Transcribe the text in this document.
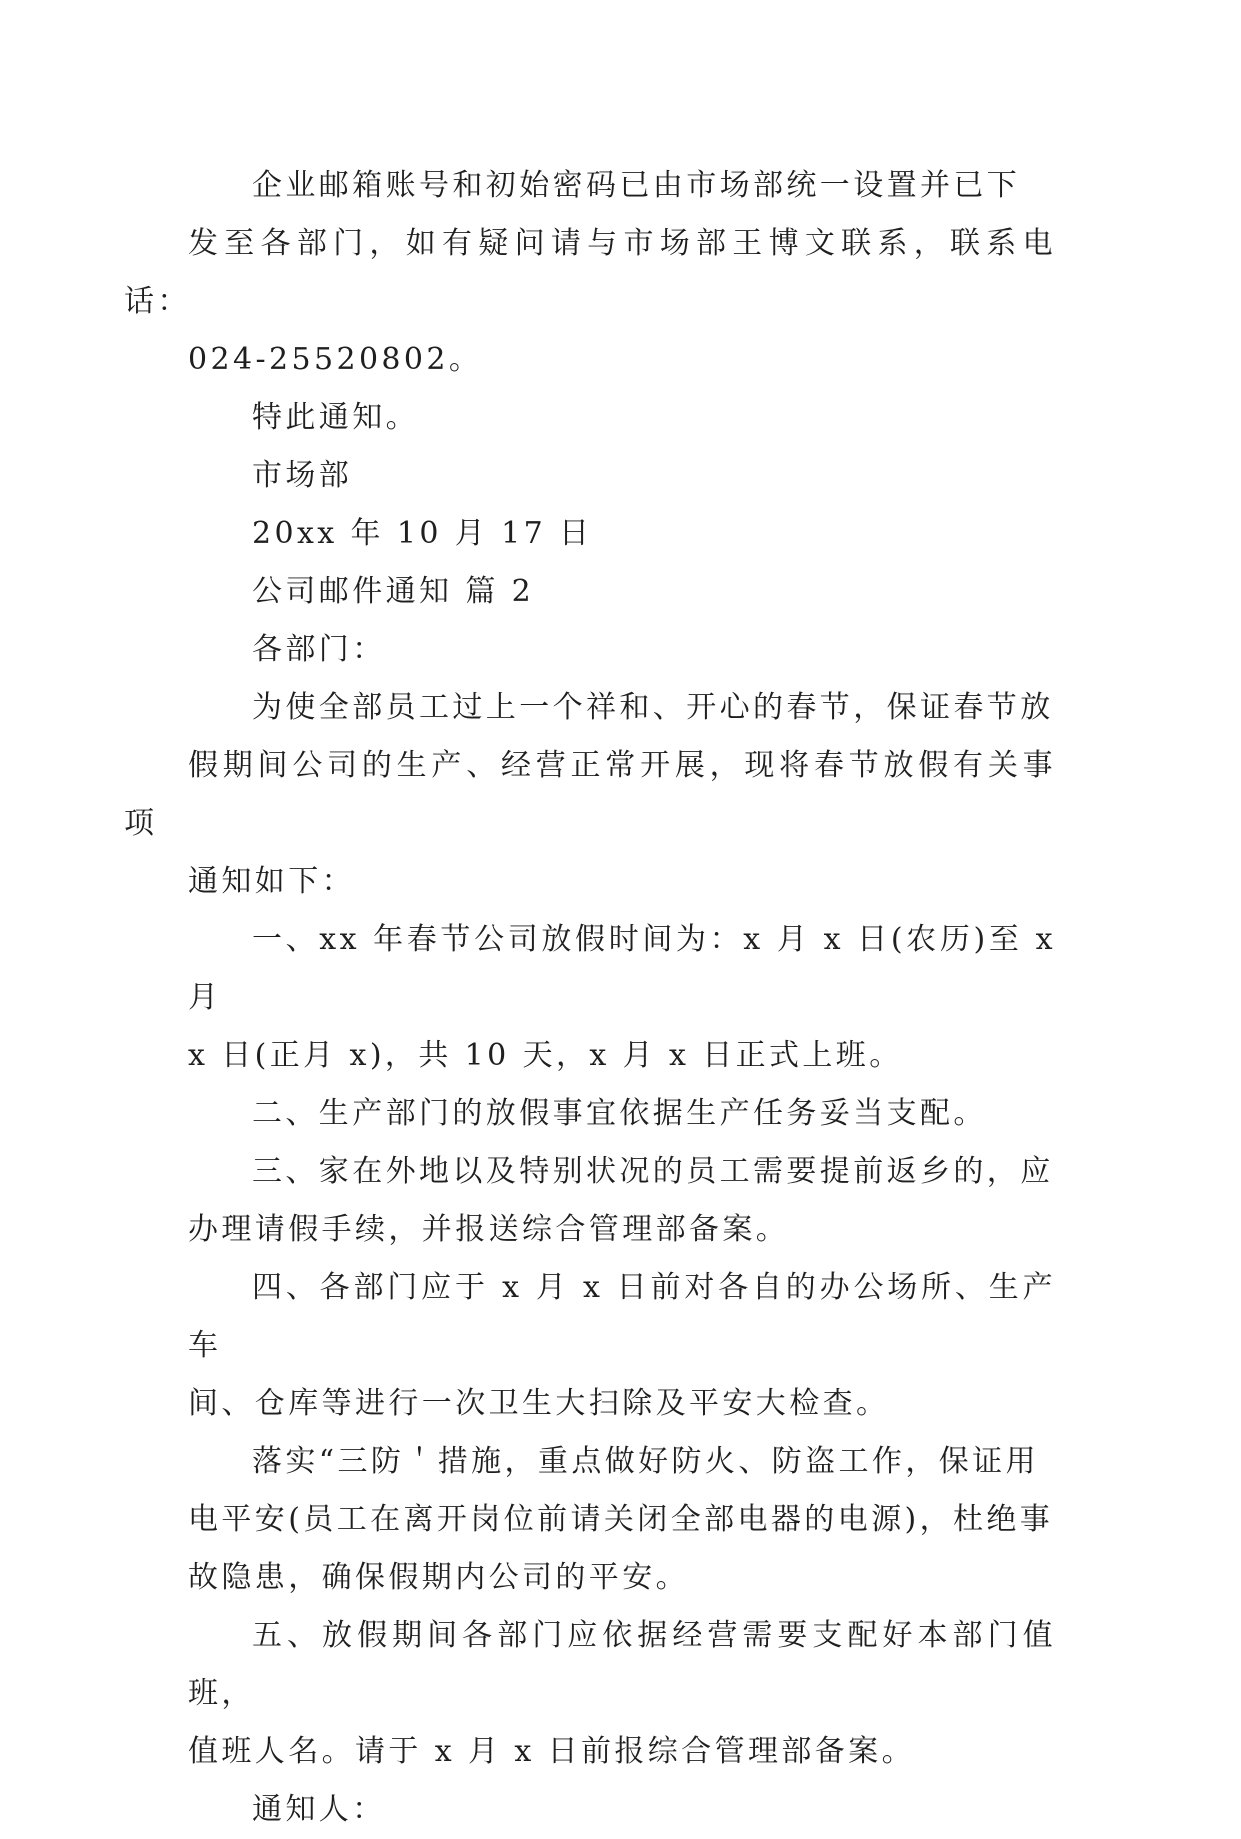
企业邮箱账号和初始密码已由市场部统一设置并已下
发至各部门，如有疑问请与市场部王博文联系，联系电话：
024-25520802。

特此通知。

市场部

20xx 年 10 月 17 日

公司邮件通知 篇 2

各部门：

为使全部员工过上一个祥和、开心的春节，保证春节放
假期间公司的生产、经营正常开展，现将春节放假有关事项
通知如下：

一、xx 年春节公司放假时间为：x 月 x 日(农历)至 x 月
x 日(正月 x)，共 10 天，x 月 x 日正式上班。

二、生产部门的放假事宜依据生产任务妥当支配。

三、家在外地以及特别状况的员工需要提前返乡的，应
办理请假手续，并报送综合管理部备案。

四、各部门应于 x 月 x 日前对各自的办公场所、生产车
间、仓库等进行一次卫生大扫除及平安大检查。

落实“三防＇措施，重点做好防火、防盗工作，保证用
电平安(员工在离开岗位前请关闭全部电器的电源)，杜绝事
故隐患，确保假期内公司的平安。

五、放假期间各部门应依据经营需要支配好本部门值班，
值班人名。请于 x 月 x 日前报综合管理部备案。

通知人：
